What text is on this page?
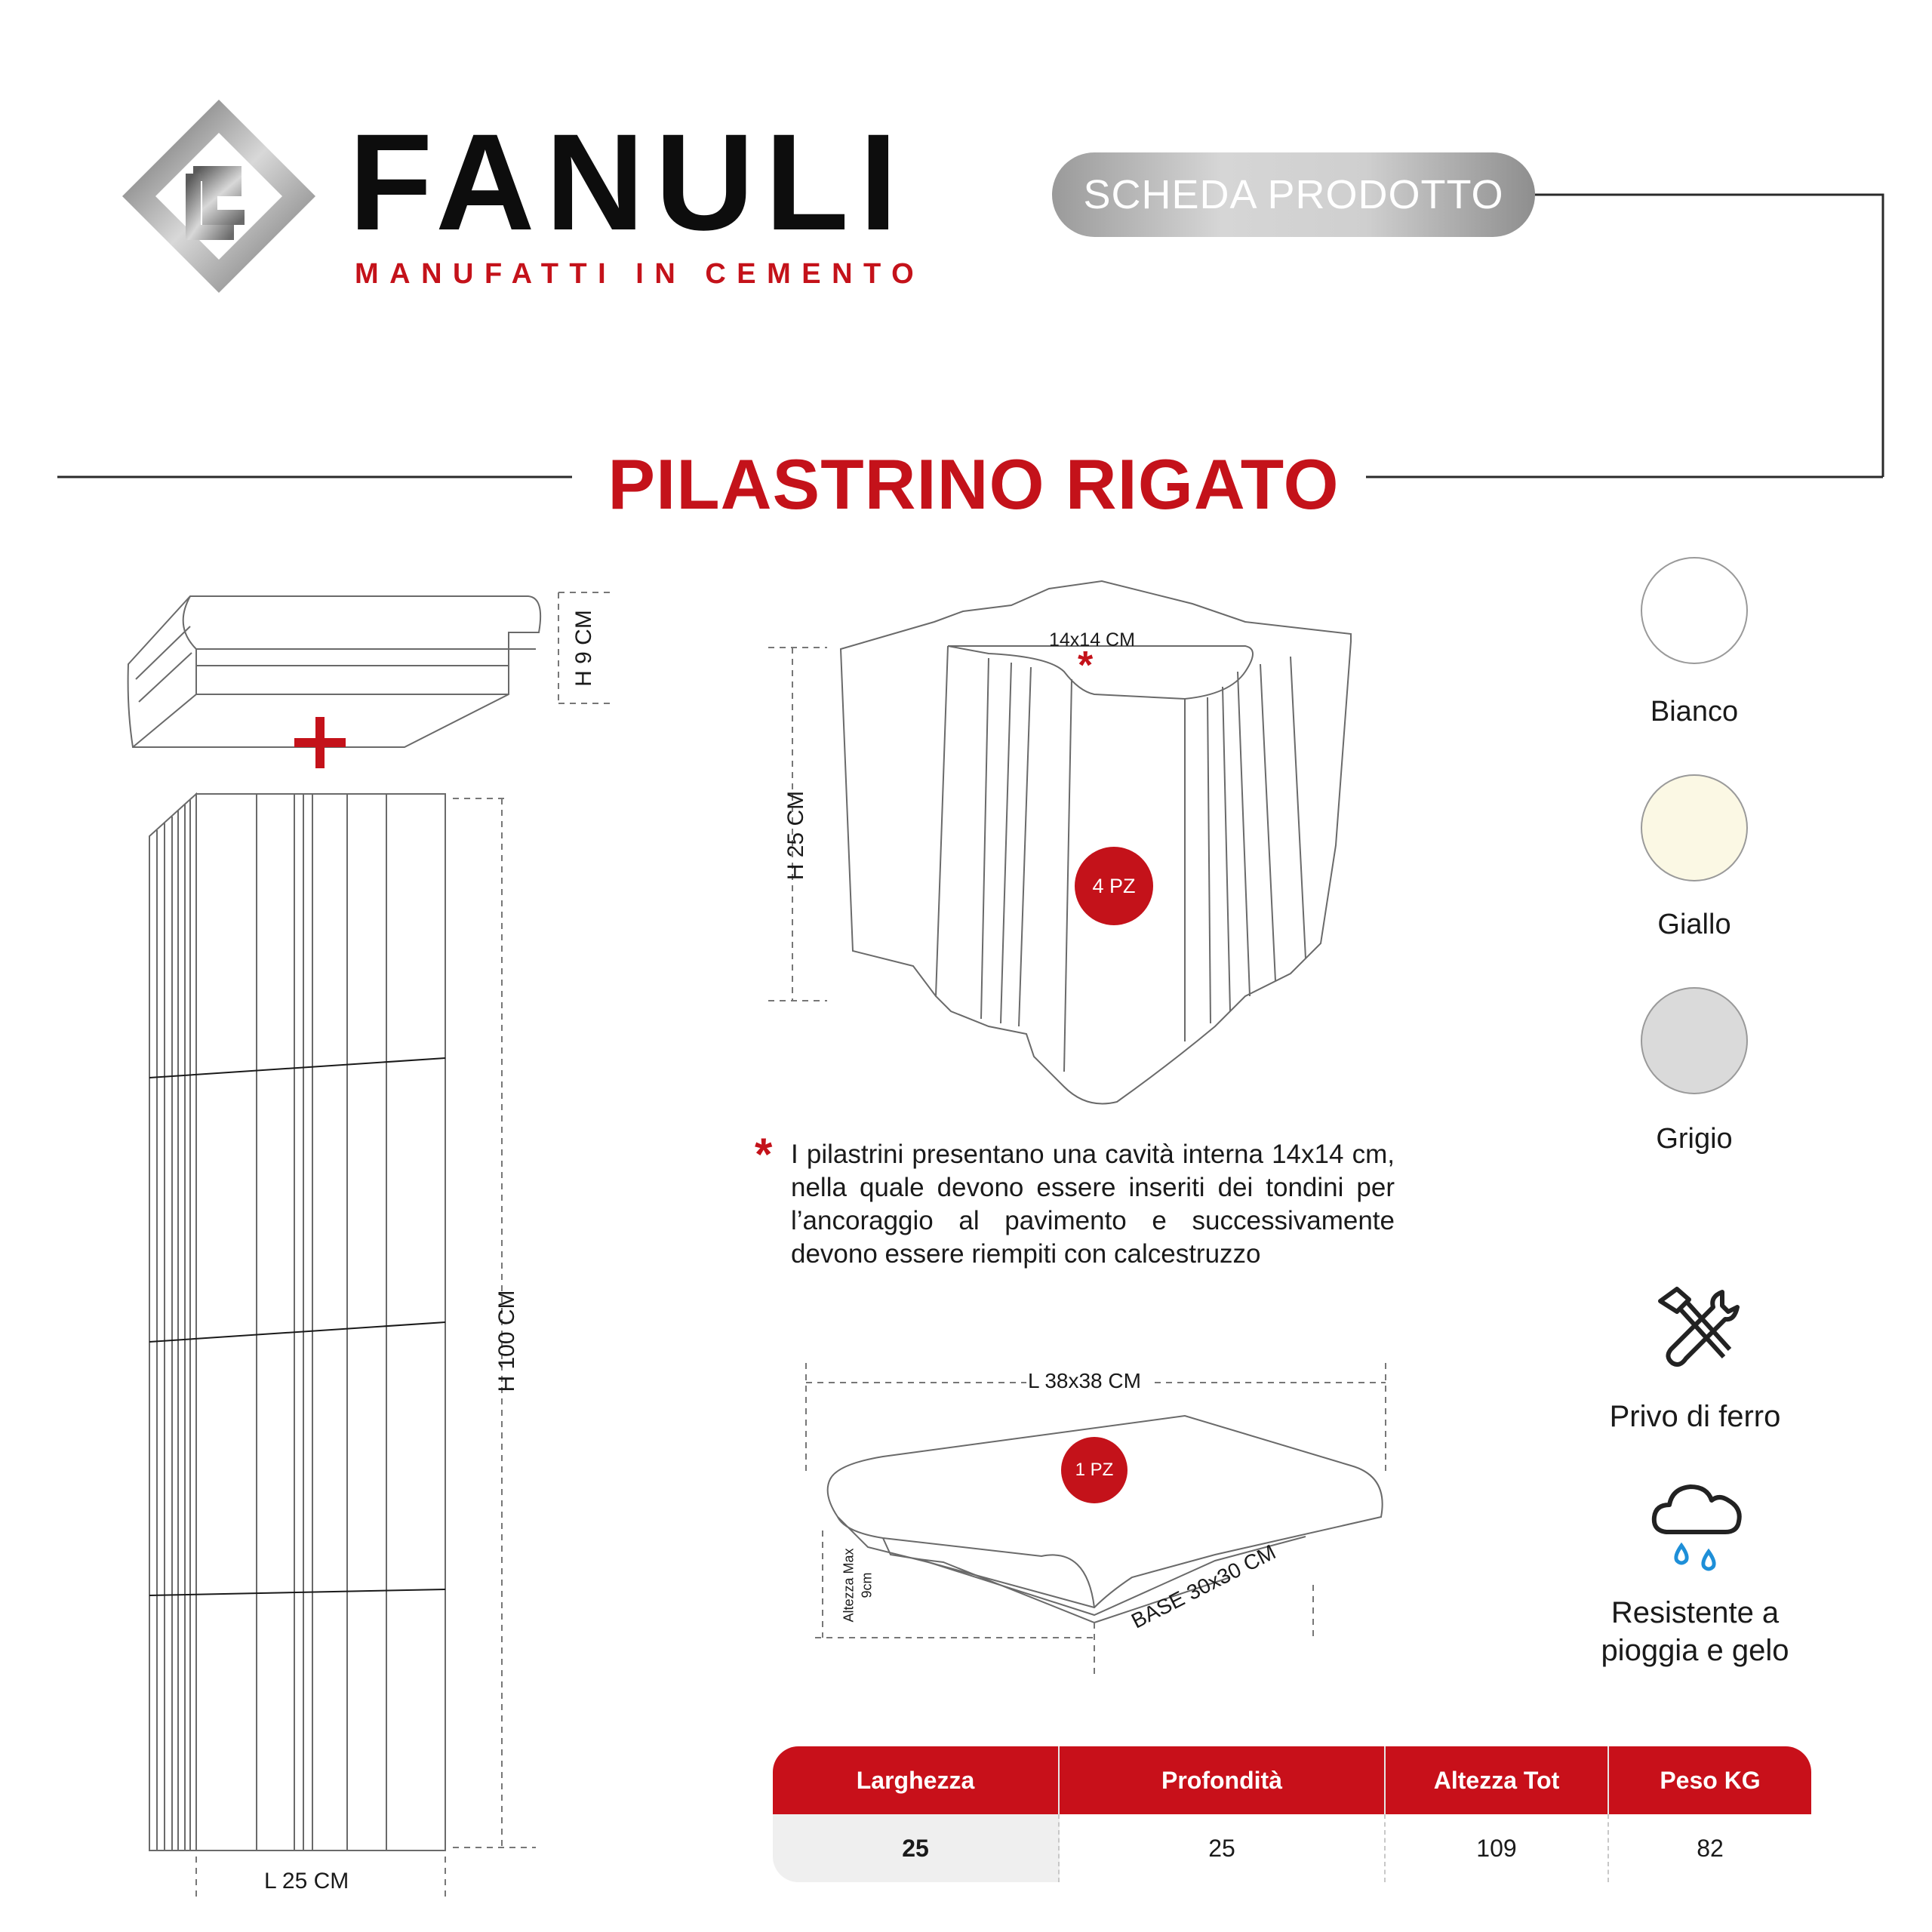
FANULI
MANUFATTI IN CEMENTO
SCHEDA PRODOTTO
PILASTRINO RIGATO
H 9 CM
H 100 CM
L 25 CM
14x14 CM
*
H 25 CM
4 PZ
* I pilastrini presentano una cavità interna 14x14 cm, nella quale devono essere inseriti dei tondini per l’ancoraggio al pavimento e successivamente devono essere riempiti con calcestruzzo
L 38x38 CM
1 PZ
Altezza Max 9cm	BASE 30x30 CM
Bianco
Giallo
Grigio
Privo di ferro
Resistente a
pioggia e gelo
Larghezza	Profondità	Altezza Tot	Peso KG
25	25	109	82
